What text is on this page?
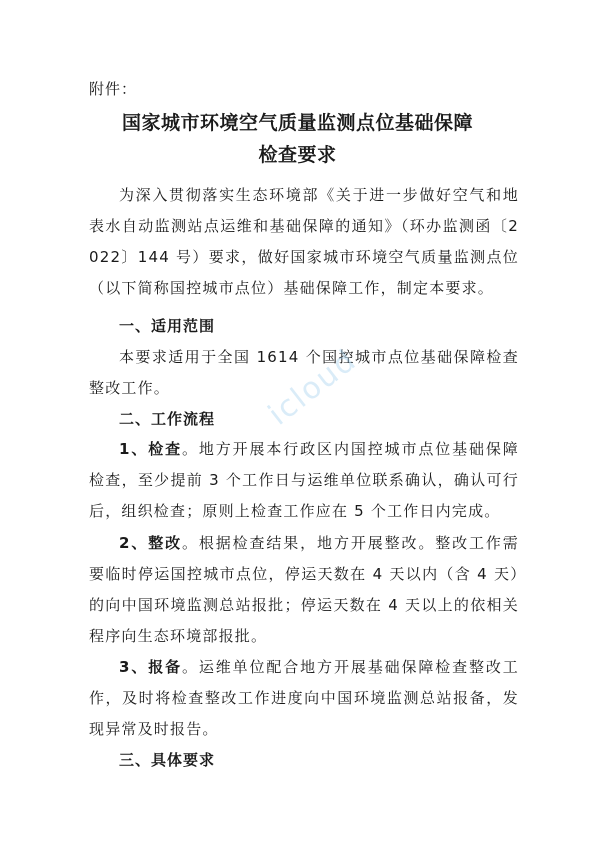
附件：
国家城市环境空气质量监测点位基础保障
检查要求
为深入贯彻落实生态环境部《关于进一步做好空气和地表水自动监测站点运维和基础保障的通知》（环办监测函〔2022〕144 号）要求，做好国家城市环境空气质量监测点位（以下简称国控城市点位）基础保障工作，制定本要求。
一、适用范围
本要求适用于全国 1614 个国控城市点位基础保障检查整改工作。
二、工作流程
1、检查。地方开展本行政区内国控城市点位基础保障检查，至少提前 3 个工作日与运维单位联系确认，确认可行后，组织检查；原则上检查工作应在 5 个工作日内完成。
2、整改。根据检查结果，地方开展整改。整改工作需要临时停运国控城市点位，停运天数在 4 天以内（含 4 天）的向中国环境监测总站报批；停运天数在 4 天以上的依相关程序向生态环境部报批。
3、报备。运维单位配合地方开展基础保障检查整改工作，及时将检查整改工作进度向中国环境监测总站报备，发现异常及时报告。
三、具体要求
icloud
